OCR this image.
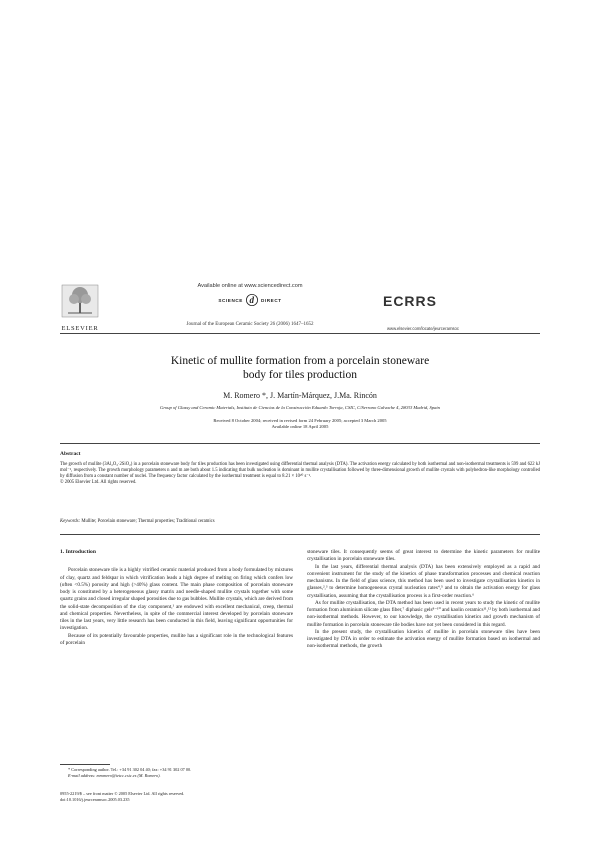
ELSEVIER
Available online at www.sciencedirect.com
SCIENCE d DIRECT
Journal of the European Ceramic Society 26 (2006) 1647–1652
ECRRS
www.elsevier.com/locate/jeurceramsoc
Kinetic of mullite formation from a porcelain stoneware
body for tiles production
M. Romero *, J. Martín-Márquez, J.Ma. Rincón
Group of Glassy and Ceramic Materials, Instituto de Ciencias de la Construcción Eduardo Torroja, CSIC, C/Serrano Galvache 4, 28033 Madrid, Spain
Received 8 October 2004; received in revised form 24 February 2005; accepted 3 March 2005
Available online 18 April 2005
Abstract
The growth of mullite (3Al₂O₃·2SiO₂) in a porcelain stoneware body for tiles production has been investigated using differential thermal analysis (DTA). The activation energy calculated by both isothermal and non-isothermal treatments is 599 and 622 kJ mol⁻¹, respectively. The growth morphology parameters n and m are both about 1.5 indicating that bulk nucleation is dominant in mullite crystallisation followed by three-dimensional growth of mullite crystals with polyhedron-like morphology controlled by diffusion from a constant number of nuclei. The frequency factor calculated by the isothermal treatment is equal to 8.21 × 10²⁰ s⁻¹.
© 2005 Elsevier Ltd. All rights reserved.
Keywords: Mullite; Porcelain stoneware; Thermal properties; Traditional ceramics
1. Introduction

Porcelain stoneware tile is a highly vitrified ceramic material produced from a body formulated by mixtures of clay, quartz and feldspar in which vitrification leads a high degree of melting on firing which confers low (often <0.5%) porosity and high (>40%) glass content. The main phase composition of porcelain stoneware body is constituted by a heterogeneous glassy matrix and needle-shaped mullite crystals together with some quartz grains and closed irregular shaped porosities due to gas bubbles. Mullite crystals, which are derived from the solid-state decomposition of the clay component,¹ are endowed with excellent mechanical, creep, thermal and chemical properties. Nevertheless, in spite of the commercial interest developed by porcelain stoneware tiles in the last years, very little research has been conducted in this field, leaving significant opportunities for investigation.

Because of its potentially favourable properties, mullite has a significant role in the technological features of porcelain

stoneware tiles. It consequently seems of great interest to determine the kinetic parameters for mullite crystallisation in porcelain stoneware tiles.

In the last years, differential thermal analysis (DTA) has been extensively employed as a rapid and convenient instrument for the study of the kinetics of phase transformation processes and chemical reaction mechanisms. In the field of glass science, this method has been used to investigate crystallisation kinetics in glasses,²,³ to determine homogeneous crystal nucleation rates⁴,⁵ and to obtain the activation energy for glass crystallisation, assuming that the crystallisation process is a first-order reaction.⁶

As for mullite crystallisation, the DTA method has been used in recent years to study the kinetic of mullite formation from aluminium silicate glass fiber,⁷ diphasic gels⁸⁻¹⁰ and kaolin ceramics¹¹,¹² by both isothermal and non-isothermal methods. However, to our knowledge, the crystallisation kinetics and growth mechanism of mullite formation in porcelain stoneware tile bodies have not yet been considered in this regard.

In the present study, the crystallisation kinetics of mullite in porcelain stoneware tiles have been investigated by DTA in order to estimate the activation energy of mullite formation based on isothermal and non-isothermal methods, the growth

* Corresponding author. Tel.: +34 91 302 04 40; fax: +34 91 302 07 00.
E-mail address: mromero@ietcc.csic.es (M. Romero).
0955-2219/$ – see front matter © 2005 Elsevier Ltd. All rights reserved.
doi:10.1016/j.jeurceramsoc.2005.03.235
